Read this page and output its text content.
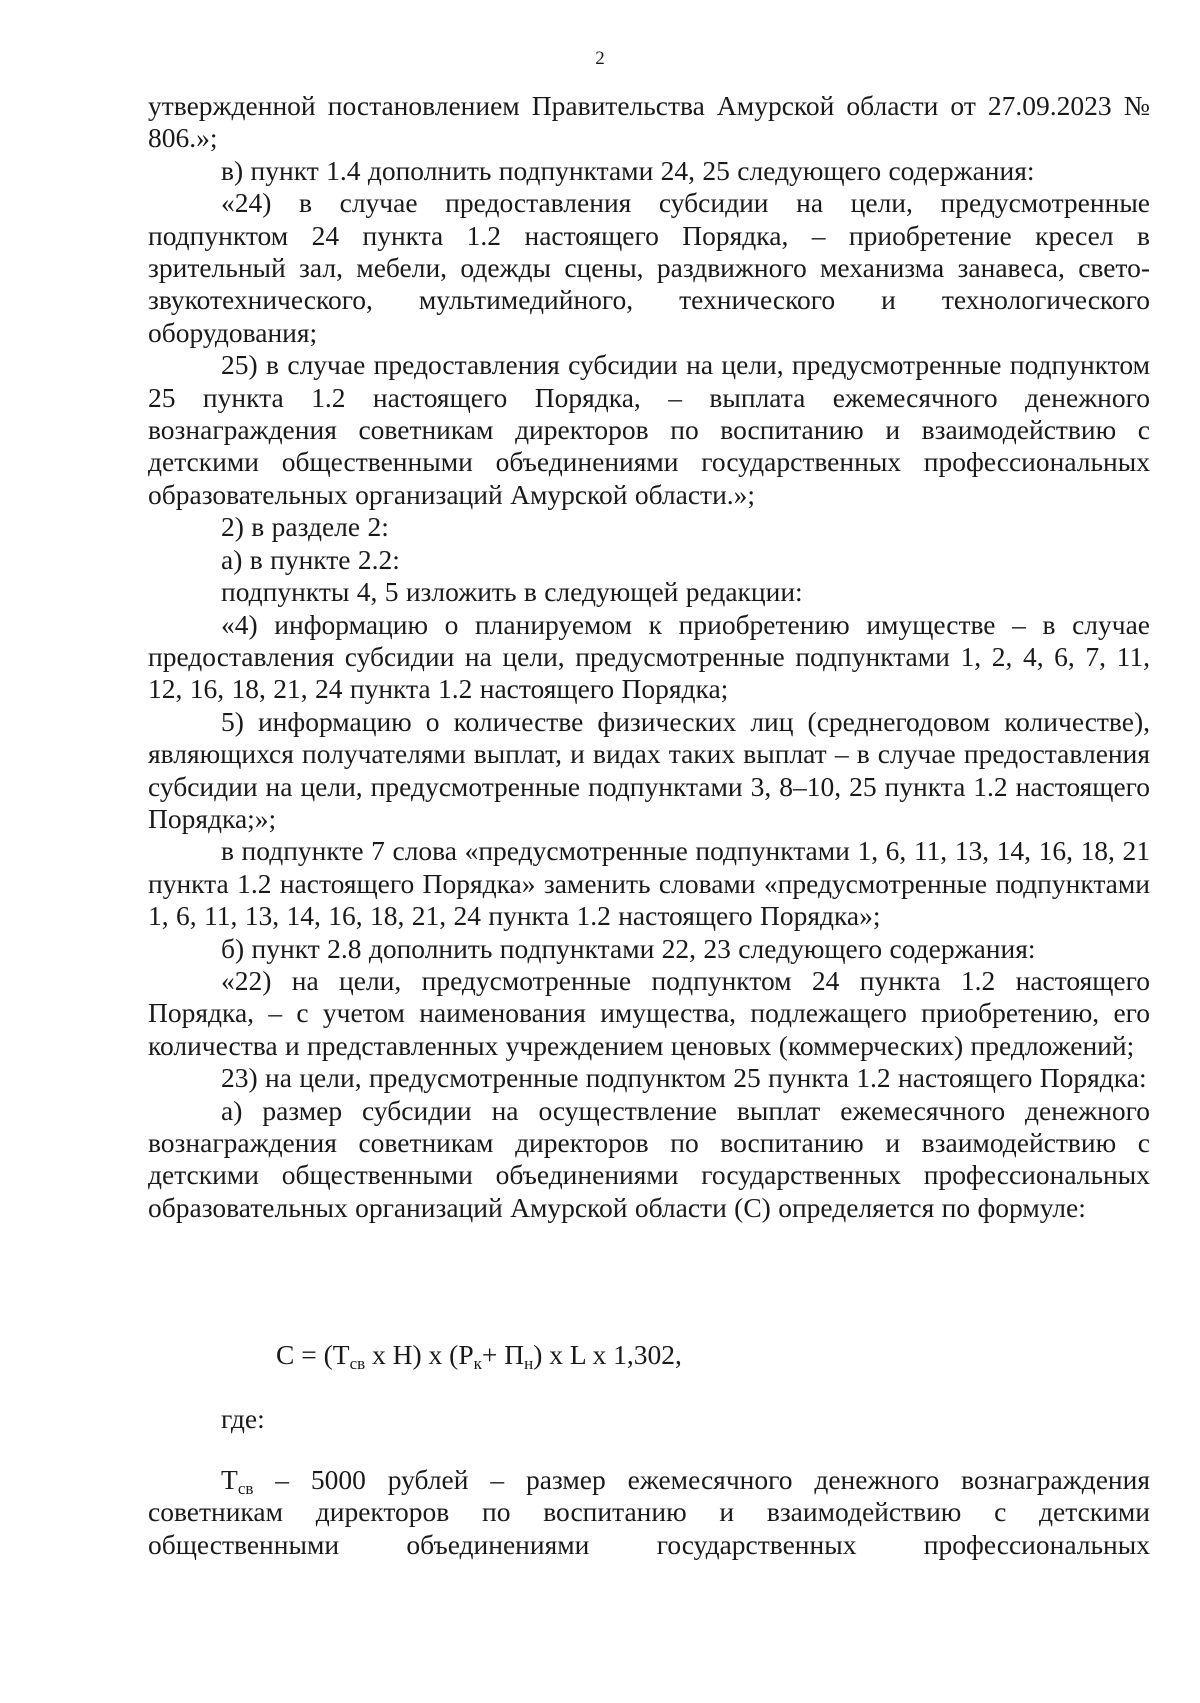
2

утвержденной постановлением Правительства Амурской области от 27.09.2023 № 806.»;

в) пункт 1.4 дополнить подпунктами 24, 25 следующего содержания:

«24) в случае предоставления субсидии на цели, предусмотренные подпунктом 24 пункта 1.2 настоящего Порядка, – приобретение кресел в зрительный зал, мебели, одежды сцены, раздвижного механизма занавеса, свето-звукотехнического, мультимедийного, технического и технологического оборудования;

25) в случае предоставления субсидии на цели, предусмотренные подпунктом 25 пункта 1.2 настоящего Порядка, – выплата ежемесячного денежного вознаграждения советникам директоров по воспитанию и взаимодействию с детскими общественными объединениями государственных профессиональных образовательных организаций Амурской области.»;

2) в разделе 2:

а) в пункте 2.2:

подпункты 4, 5 изложить в следующей редакции:

«4) информацию о планируемом к приобретению имуществе – в случае предоставления субсидии на цели, предусмотренные подпунктами 1, 2, 4, 6, 7, 11, 12, 16, 18, 21, 24 пункта 1.2 настоящего Порядка;

5) информацию о количестве физических лиц (среднегодовом количестве), являющихся получателями выплат, и видах таких выплат – в случае предоставления субсидии на цели, предусмотренные подпунктами 3, 8–10, 25 пункта 1.2 настоящего Порядка;»;

в подпункте 7 слова «предусмотренные подпунктами 1, 6, 11, 13, 14, 16, 18, 21 пункта 1.2 настоящего Порядка» заменить словами «предусмотренные подпунктами 1, 6, 11, 13, 14, 16, 18, 21, 24 пункта 1.2 настоящего Порядка»;

б) пункт 2.8 дополнить подпунктами 22, 23 следующего содержания:

«22) на цели, предусмотренные подпунктом 24 пункта 1.2 настоящего Порядка, – с учетом наименования имущества, подлежащего приобретению, его количества и представленных учреждением ценовых (коммерческих) предложений;

23) на цели, предусмотренные подпунктом 25 пункта 1.2 настоящего Порядка:

а) размер субсидии на осуществление выплат ежемесячного денежного вознаграждения советникам директоров по воспитанию и взаимодействию с детскими общественными объединениями государственных профессиональных образовательных организаций Амурской области (С) определяется по формуле:

$С = (Т_{св}$ x Н) x $(Р_к+ П_н)$ x L x 1,302,
где:

$Т_{св} - 5000$ рублей – размер ежемесячного денежного вознаграждения советникам директоров по воспитанию и взаимодействию с детскими общественными объединениями государственных профессиональных
